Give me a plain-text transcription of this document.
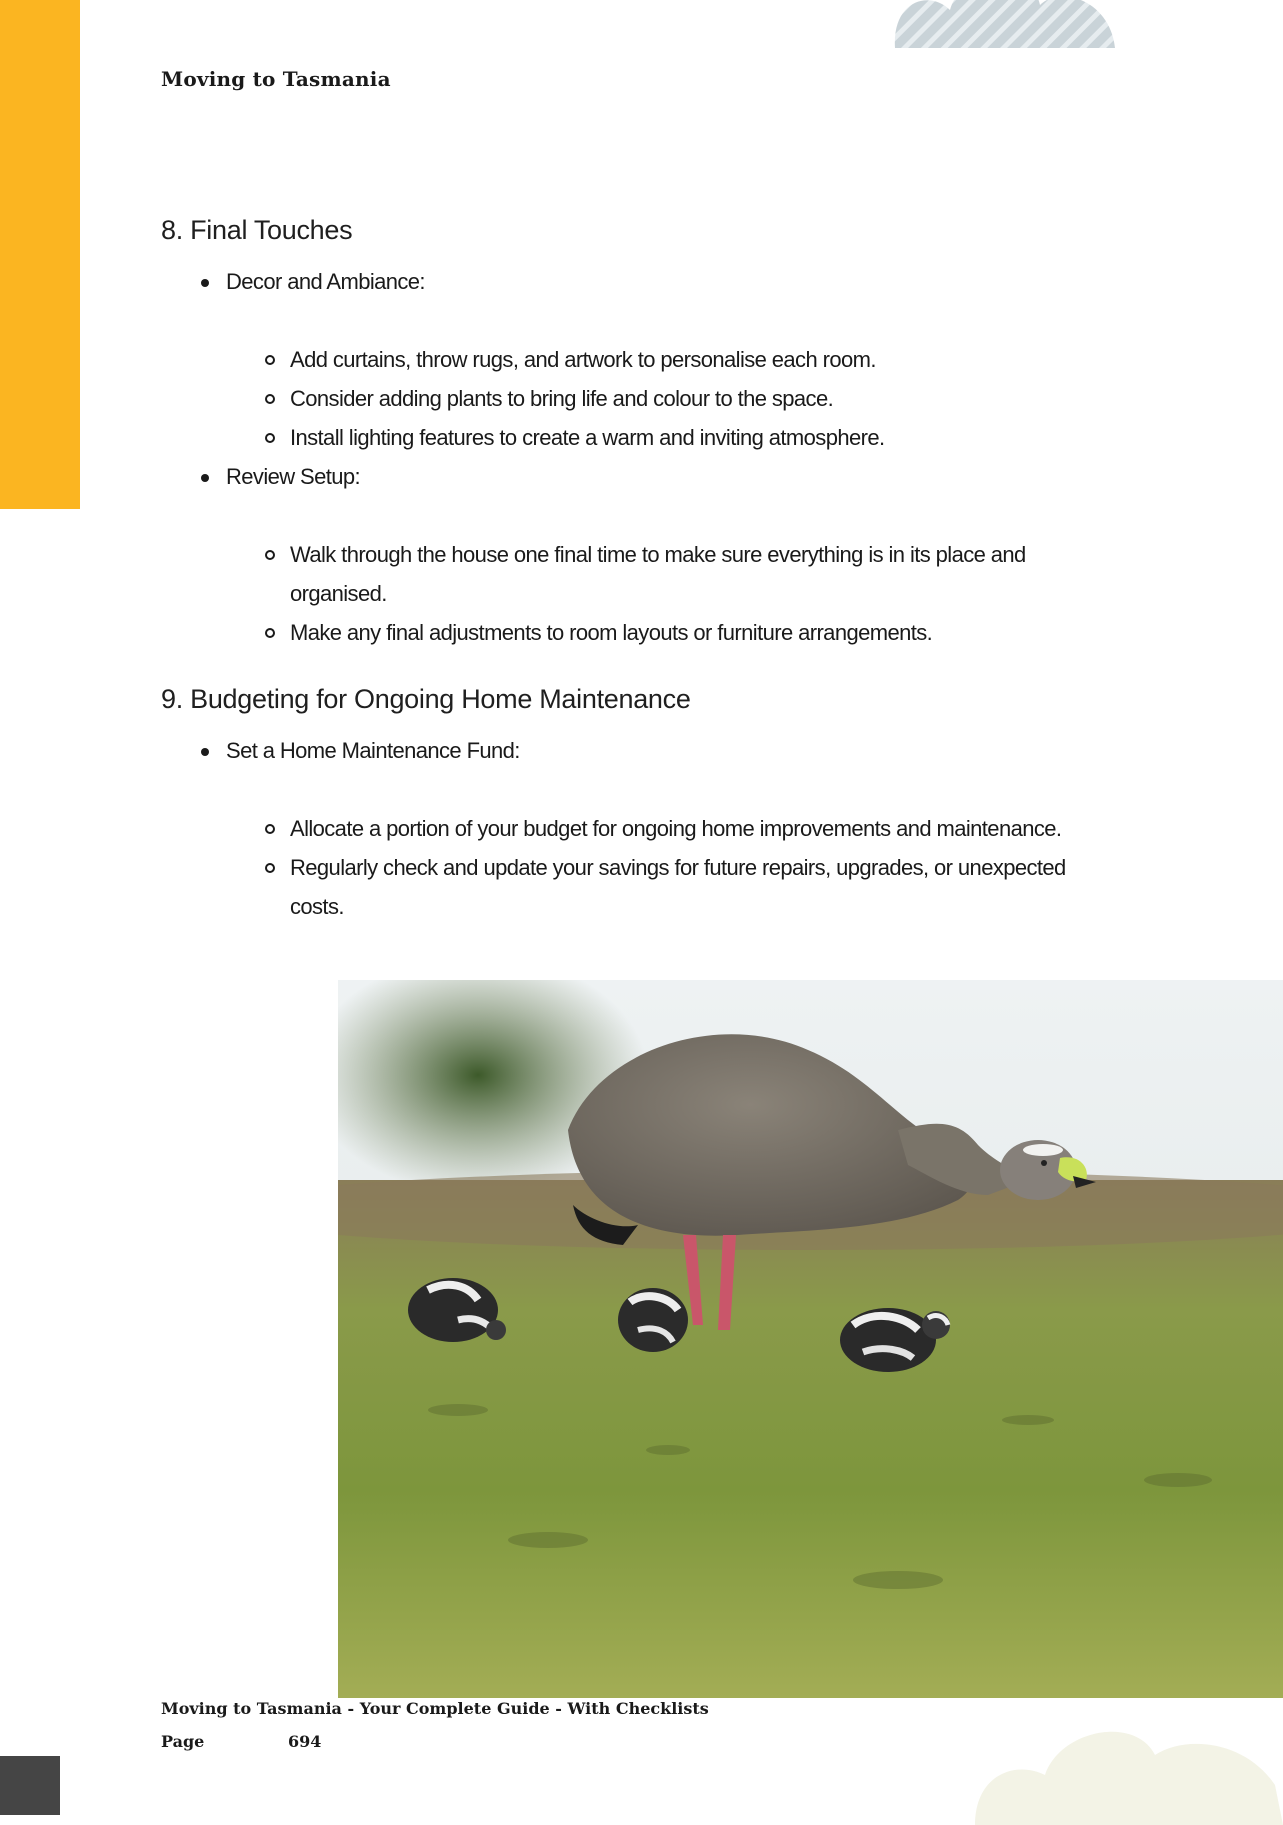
Moving to Tasmania
8. Final Touches
Decor and Ambiance:
Add curtains, throw rugs, and artwork to personalise each room.
Consider adding plants to bring life and colour to the space.
Install lighting features to create a warm and inviting atmosphere.
Review Setup:
Walk through the house one final time to make sure everything is in its place and organised.
Make any final adjustments to room layouts or furniture arrangements.
9. Budgeting for Ongoing Home Maintenance
Set a Home Maintenance Fund:
Allocate a portion of your budget for ongoing home improvements and maintenance.
Regularly check and update your savings for future repairs, upgrades, or unexpected costs.
Moving to Tasmania - Your Complete Guide - With Checklists
Page	694
